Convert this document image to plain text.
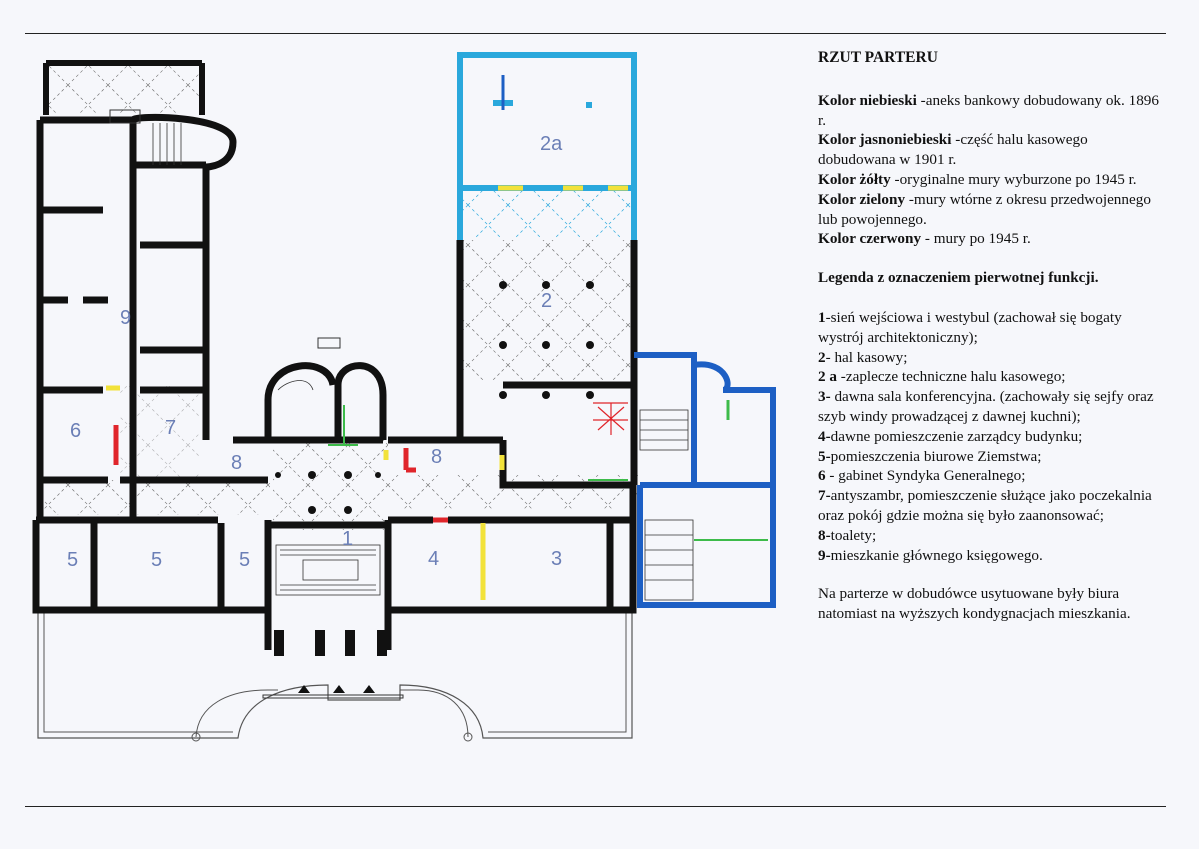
1
2
2a
3
4
5	5	5
6	7
8	8
9

RZUT PARTERU

Kolor niebieski -aneks bankowy dobudowany ok. 1896 r.

Kolor jasnoniebieski -część halu kasowego dobudowana w 1901 r.

Kolor żółty -oryginalne mury wyburzone po 1945 r.

Kolor zielony -mury wtórne z okresu przedwojennego lub powojennego.

Kolor czerwony - mury po 1945 r.

Legenda z oznaczeniem pierwotnej funkcji.

1-sień wejściowa i westybul (zachował się bogaty wystrój architektoniczny);

2- hal kasowy;

2 a -zaplecze techniczne halu kasowego;

3- dawna sala konferencyjna. (zachowały się sejfy oraz szyb windy prowadzącej z dawnej kuchni);

4-dawne pomieszczenie zarządcy budynku;

5-pomieszczenia biurowe Ziemstwa;

6 - gabinet Syndyka Generalnego;

7-antyszambr, pomieszczenie służące jako poczekalnia oraz pokój gdzie można się było zaanonsować;

8-toalety;

9-mieszkanie głównego księgowego.

Na parterze w dobudówce usytuowane były biura natomiast na wyższych kondygnacjach mieszkania.
